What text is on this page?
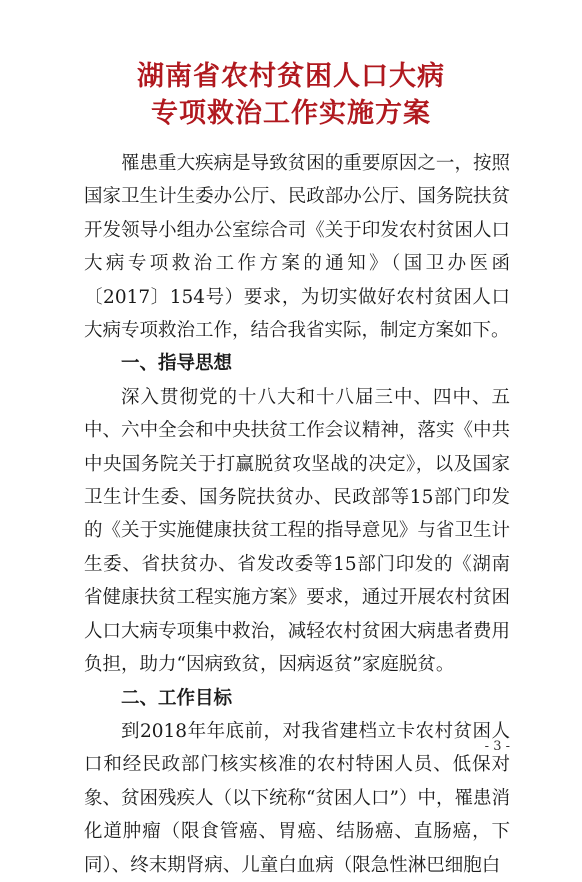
湖南省农村贫困人口大病
专项救治工作实施方案

罹患重大疾病是导致贫困的重要原因之一，按照国家卫生计生委办公厅、民政部办公厅、国务院扶贫开发领导小组办公室综合司《关于印发农村贫困人口大病专项救治工作方案的通知》（国卫办医函〔2017〕154号）要求，为切实做好农村贫困人口大病专项救治工作，结合我省实际，制定方案如下。

一、指导思想

深入贯彻党的十八大和十八届三中、四中、五中、六中全会和中央扶贫工作会议精神，落实《中共中央国务院关于打赢脱贫攻坚战的决定》，以及国家卫生计生委、国务院扶贫办、民政部等15部门印发的《关于实施健康扶贫工程的指导意见》与省卫生计生委、省扶贫办、省发改委等15部门印发的《湖南省健康扶贫工程实施方案》要求，通过开展农村贫困人口大病专项集中救治，减轻农村贫困大病患者费用负担，助力“因病致贫，因病返贫”家庭脱贫。

二、工作目标

到2018年年底前，对我省建档立卡农村贫困人口和经民政部门核实核准的农村特困人员、低保对象、贫困残疾人（以下统称“贫困人口”）中，罹患消化道肿瘤（限食管癌、胃癌、结肠癌、直肠癌，下同）、终末期肾病、儿童白血病（限急性淋巴细胞白

- 3 -
